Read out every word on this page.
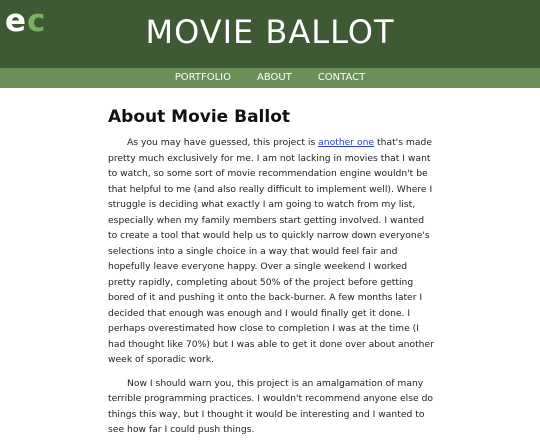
e c	MOVIE BALLOT
PORTFOLIO	ABOUT	CONTACT
About Movie Ballot

As you may have guessed, this project is another one that's made pretty much exclusively for me. I am not lacking in movies that I want to watch, so some sort of movie recommendation engine wouldn't be that helpful to me (and also really difficult to implement well). Where I struggle is deciding what exactly I am going to watch from my list, especially when my family members start getting involved. I wanted to create a tool that would help us to quickly narrow down everyone's selections into a single choice in a way that would feel fair and hopefully leave everyone happy. Over a single weekend I worked pretty rapidly, completing about 50% of the project before getting bored of it and pushing it onto the back-burner. A few months later I decided that enough was enough and I would finally get it done. I perhaps overestimated how close to completion I was at the time (I had thought like 70%) but I was able to get it done over about another week of sporadic work.

Now I should warn you, this project is an amalgamation of many terrible programming practices. I wouldn't recommend anyone else do things this way, but I thought it would be interesting and I wanted to see how far I could push things.
